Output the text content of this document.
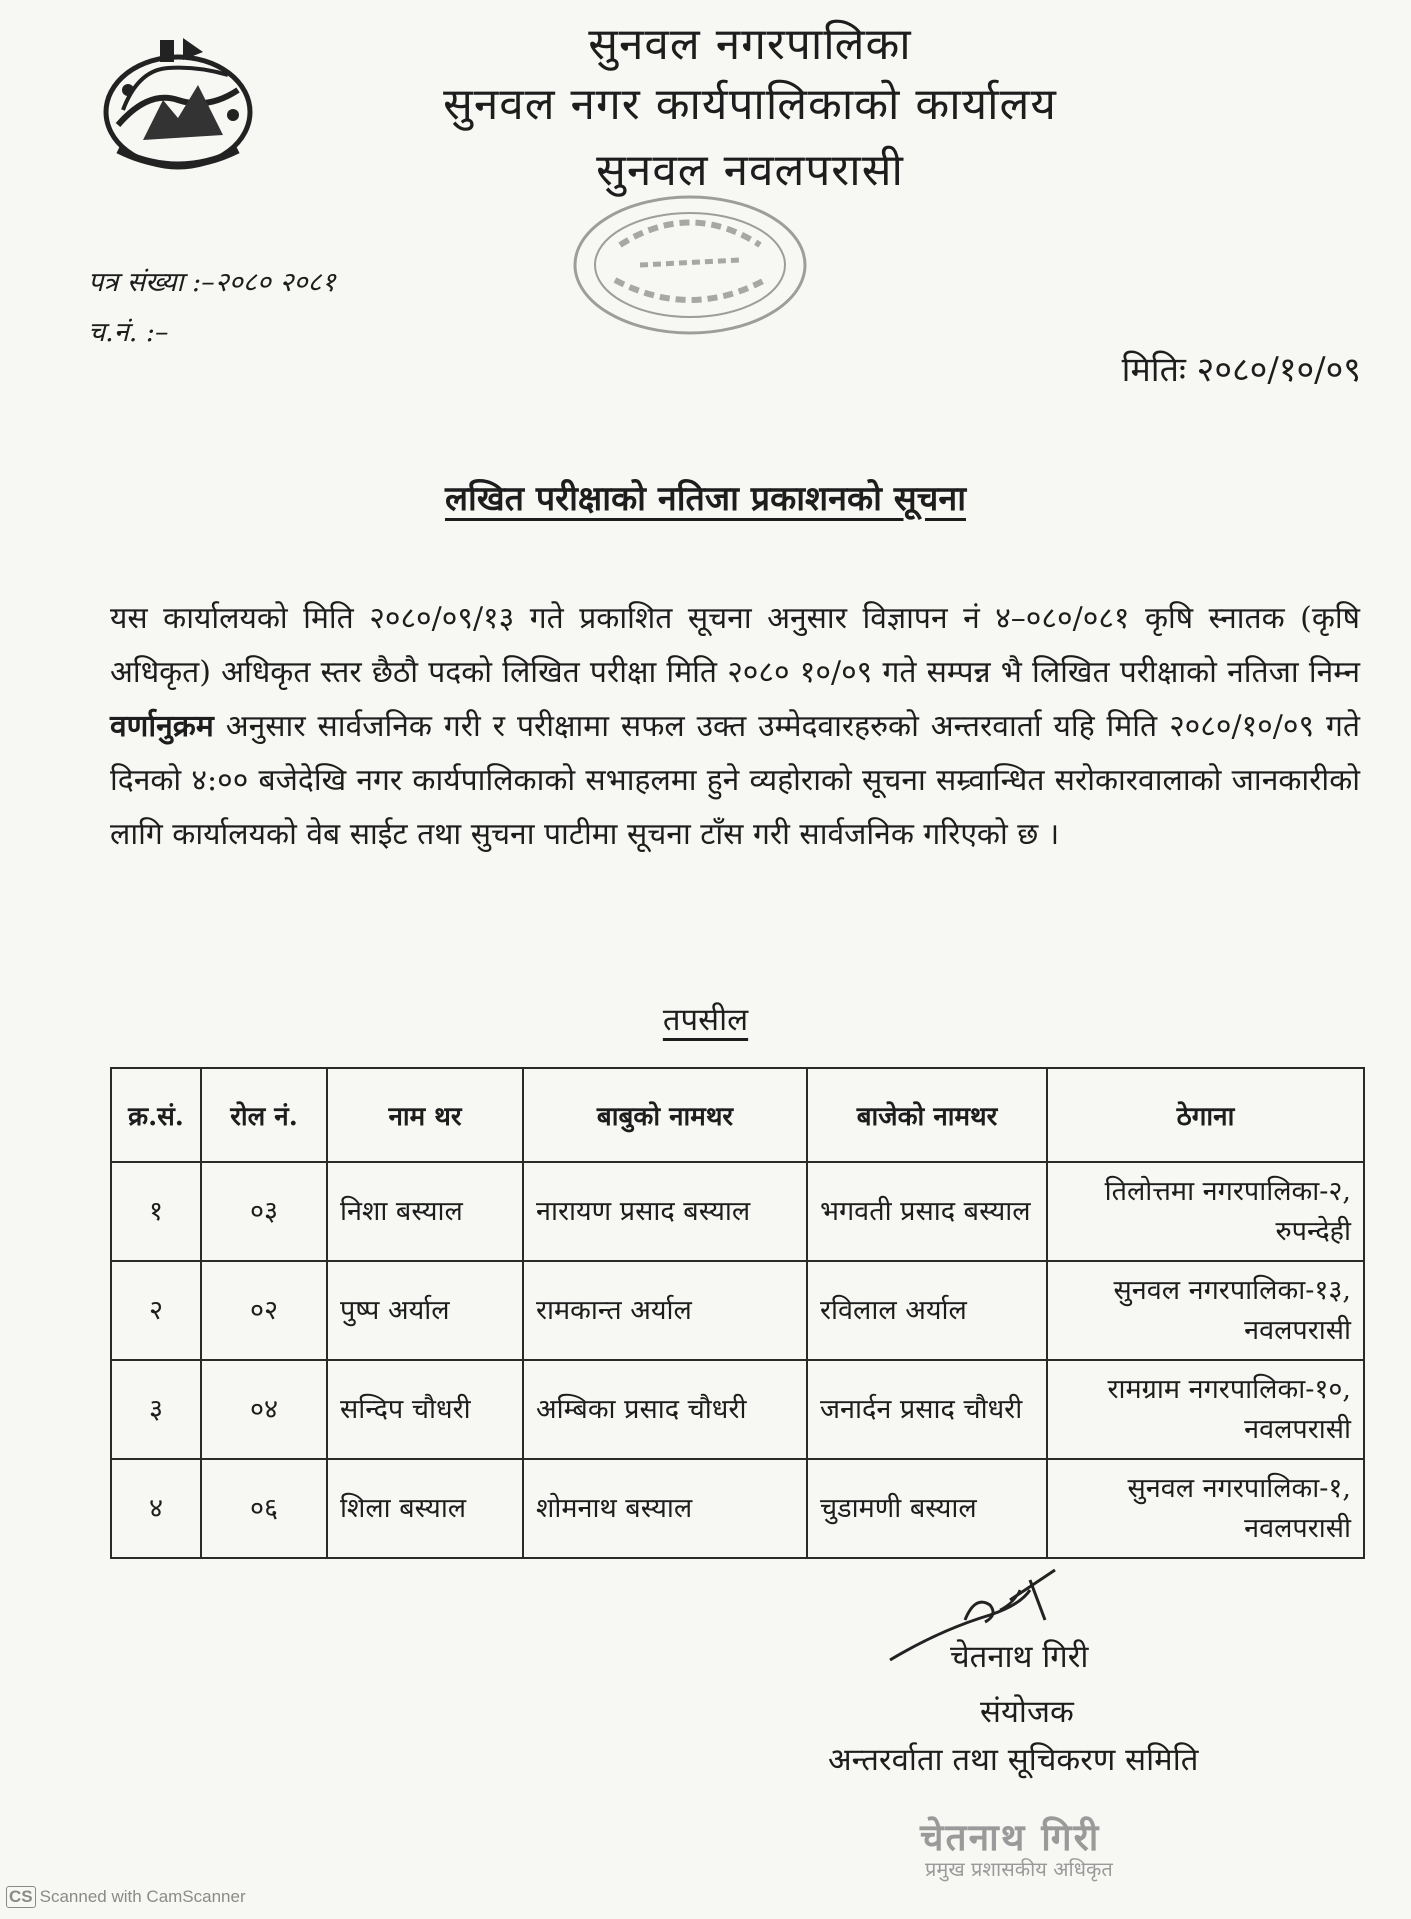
सुनवल नगरपालिका
सुनवल नगर कार्यपालिकाको कार्यालय
सुनवल नवलपरासी
पत्र संख्या :–२०८० २०८१
च.नं. :–
मितिः २०८०/१०/०९
लखित परीक्षाको नतिजा प्रकाशनको सूचना
यस कार्यालयको मिति २०८०/०९/१३ गते प्रकाशित सूचना अनुसार विज्ञापन नं ४–०८०/०८१ कृषि स्नातक (कृषि अधिकृत) अधिकृत स्तर छैठौ पदको लिखित परीक्षा मिति २०८० १०/०९ गते सम्पन्न भै लिखित परीक्षाको नतिजा निम्न वर्णानुक्रम अनुसार सार्वजनिक गरी र परीक्षामा सफल उक्त उम्मेदवारहरुको अन्तरवार्ता यहि मिति २०८०/१०/०९ गते दिनको ४:०० बजेदेखि नगर कार्यपालिकाको सभाहलमा हुने व्यहोराको सूचना सम्र्वान्धित सरोकारवालाको जानकारीको लागि कार्यालयको वेब साईट तथा सुचना पाटीमा सूचना टाँस गरी सार्वजनिक गरिएको छ ।
तपसील
क्र.सं.	रोल नं.	नाम थर	बाबुको नामथर	बाजेको नामथर	ठेगाना
१	०३	निशा बस्याल	नारायण प्रसाद बस्याल	भगवती प्रसाद बस्याल	तिलोत्तमा नगरपालिका-२, रुपन्देही
२	०२	पुष्प अर्याल	रामकान्त अर्याल	रविलाल अर्याल	सुनवल नगरपालिका-१३, नवलपरासी
३	०४	सन्दिप चौधरी	अम्बिका प्रसाद चौधरी	जनार्दन प्रसाद चौधरी	रामग्राम नगरपालिका-१०, नवलपरासी
४	०६	शिला बस्याल	शोमनाथ बस्याल	चुडामणी बस्याल	सुनवल नगरपालिका-१, नवलपरासी
चेतनाथ गिरी
संयोजक
अन्तरर्वाता तथा सूचिकरण समिति
चेतनाथ गिरी
प्रमुख प्रशासकीय अधिकृत
CS Scanned with CamScanner
